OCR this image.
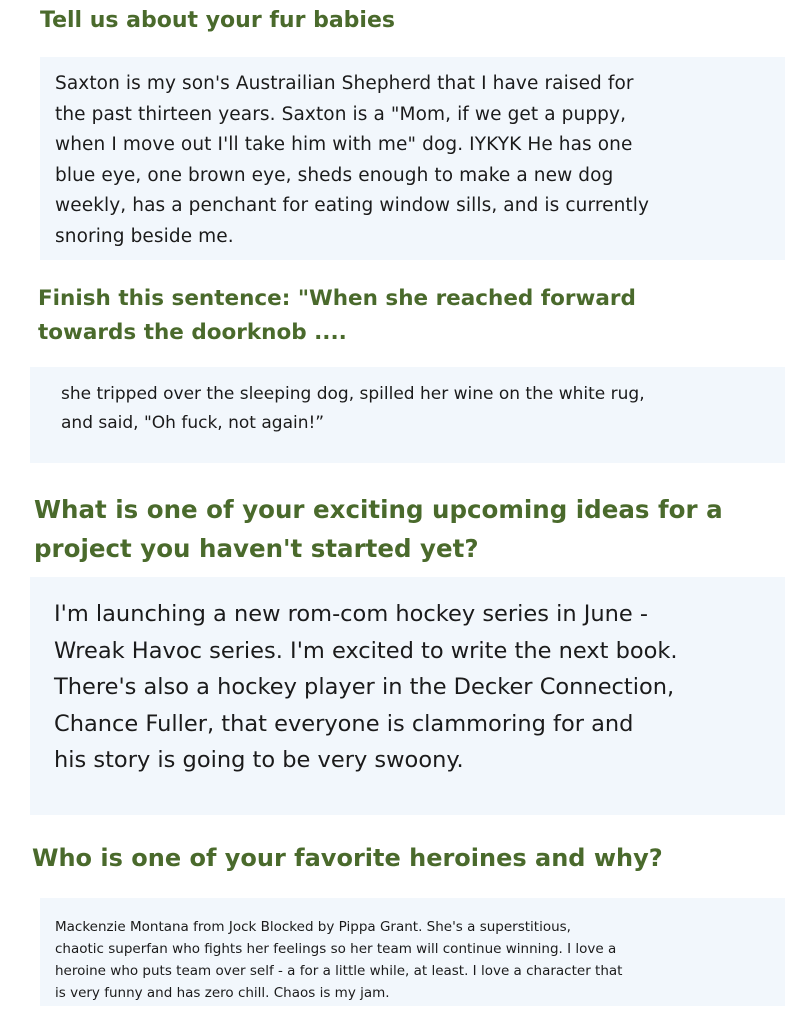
Tell us about your fur babies

Saxton is my son's Austrailian Shepherd that I have raised for
the past thirteen years. Saxton is a "Mom, if we get a puppy,
when I move out I'll take him with me" dog. IYKYK He has one
blue eye, one brown eye, sheds enough to make a new dog
weekly, has a penchant for eating window sills, and is currently
snoring beside me.

Finish this sentence: "When she reached forward
towards the doorknob ....

she tripped over the sleeping dog, spilled her wine on the white rug,
and said, "Oh fuck, not again!”

What is one of your exciting upcoming ideas for a
project you haven't started yet?

I'm launching a new rom-com hockey series in June -
Wreak Havoc series. I'm excited to write the next book.
There's also a hockey player in the Decker Connection,
Chance Fuller, that everyone is clammoring for and
his story is going to be very swoony.

Who is one of your favorite heroines and why?

Mackenzie Montana from Jock Blocked by Pippa Grant. She's a superstitious,
chaotic superfan who fights her feelings so her team will continue winning. I love a
heroine who puts team over self - a for a little while, at least. I love a character that
is very funny and has zero chill. Chaos is my jam.
